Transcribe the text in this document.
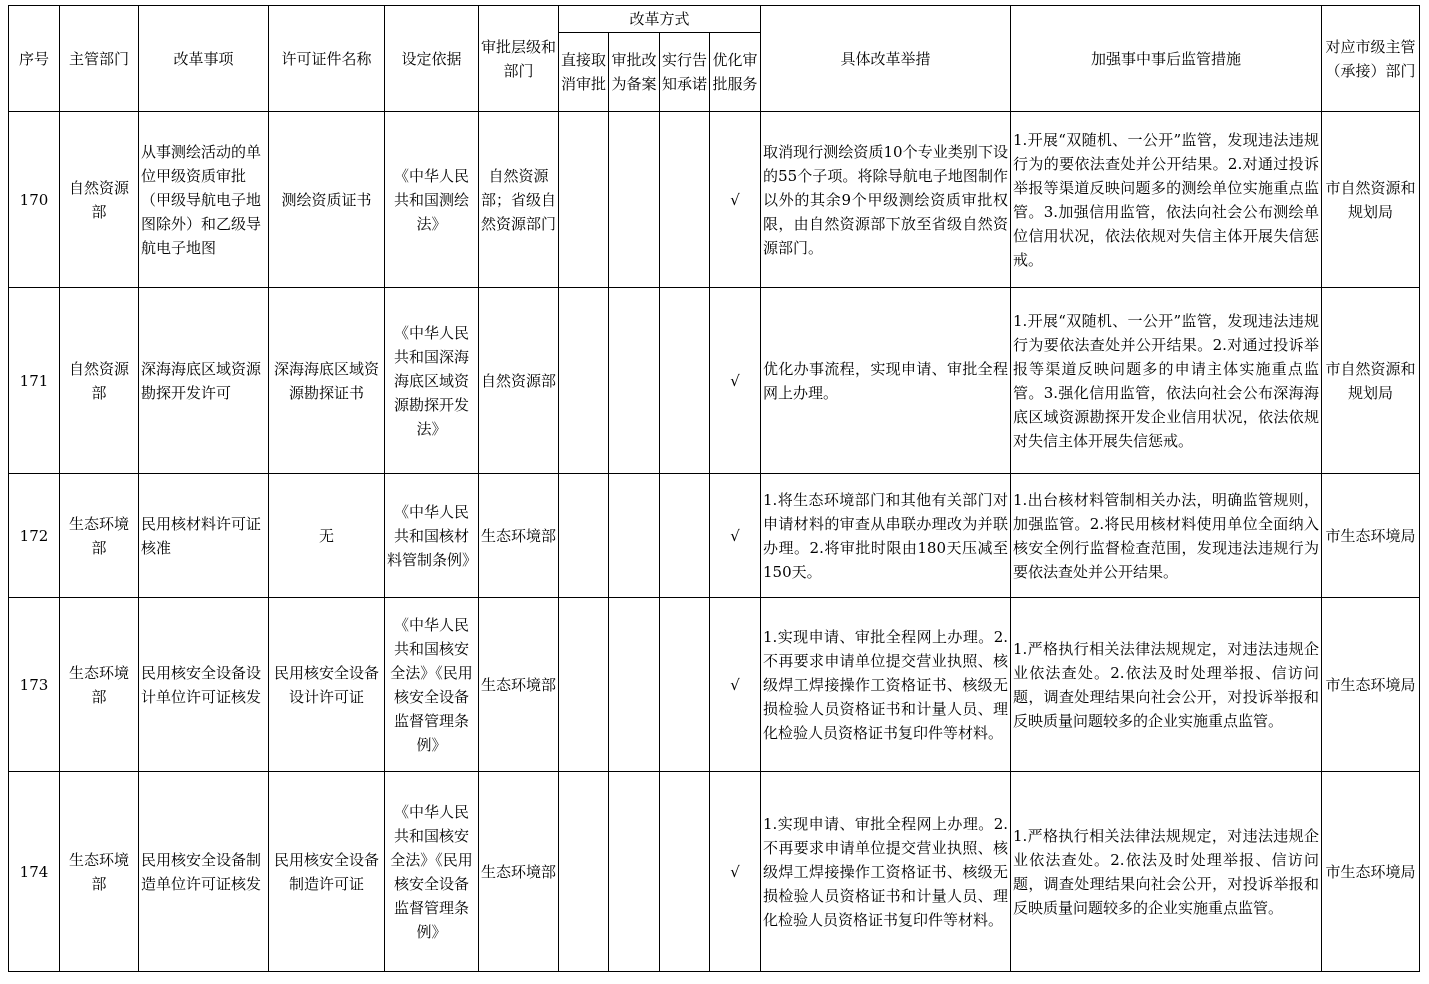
序号	主管部门	改革事项	许可证件名称	设定依据	审批层级和部门	改革方式				具体改革举措	加强事中事后监管措施	对应市级主管（承接）部门
						直接取消审批	审批改为备案	实行告知承诺	优化审批服务			
170	自然资源部	从事测绘活动的单位甲级资质审批（甲级导航电子地图除外）和乙级导航电子地图	测绘资质证书	《中华人民共和国测绘法》	自然资源部；省级自然资源部门				√	取消现行测绘资质10个专业类别下设的55个子项。将除导航电子地图制作以外的其余9个甲级测绘资质审批权限，由自然资源部下放至省级自然资源部门。	1.开展“双随机、一公开”监管，发现违法违规行为的要依法查处并公开结果。2.对通过投诉举报等渠道反映问题多的测绘单位实施重点监管。3.加强信用监管，依法向社会公布测绘单位信用状况，依法依规对失信主体开展失信惩戒。	市自然资源和规划局
171	自然资源部	深海海底区域资源勘探开发许可	深海海底区域资源勘探证书	《中华人民共和国深海海底区域资源勘探开发法》	自然资源部				√	优化办事流程，实现申请、审批全程网上办理。	1.开展“双随机、一公开”监管，发现违法违规行为要依法查处并公开结果。2.对通过投诉举报等渠道反映问题多的申请主体实施重点监管。3.强化信用监管，依法向社会公布深海海底区域资源勘探开发企业信用状况，依法依规对失信主体开展失信惩戒。	市自然资源和规划局
172	生态环境部	民用核材料许可证核准	无	《中华人民共和国核材料管制条例》	生态环境部				√	1.将生态环境部门和其他有关部门对申请材料的审查从串联办理改为并联办理。2.将审批时限由180天压减至150天。	1.出台核材料管制相关办法，明确监管规则，加强监管。2.将民用核材料使用单位全面纳入核安全例行监督检查范围，发现违法违规行为要依法查处并公开结果。	市生态环境局
173	生态环境部	民用核安全设备设计单位许可证核发	民用核安全设备设计许可证	《中华人民共和国核安全法》《民用核安全设备监督管理条例》	生态环境部				√	1.实现申请、审批全程网上办理。2.不再要求申请单位提交营业执照、核级焊工焊接操作工资格证书、核级无损检验人员资格证书和计量人员、理化检验人员资格证书复印件等材料。	1.严格执行相关法律法规规定，对违法违规企业依法查处。2.依法及时处理举报、信访问题，调查处理结果向社会公开，对投诉举报和反映质量问题较多的企业实施重点监管。	市生态环境局
174	生态环境部	民用核安全设备制造单位许可证核发	民用核安全设备制造许可证	《中华人民共和国核安全法》《民用核安全设备监督管理条例》	生态环境部				√	1.实现申请、审批全程网上办理。2.不再要求申请单位提交营业执照、核级焊工焊接操作工资格证书、核级无损检验人员资格证书和计量人员、理化检验人员资格证书复印件等材料。	1.严格执行相关法律法规规定，对违法违规企业依法查处。2.依法及时处理举报、信访问题，调查处理结果向社会公开，对投诉举报和反映质量问题较多的企业实施重点监管。	市生态环境局
